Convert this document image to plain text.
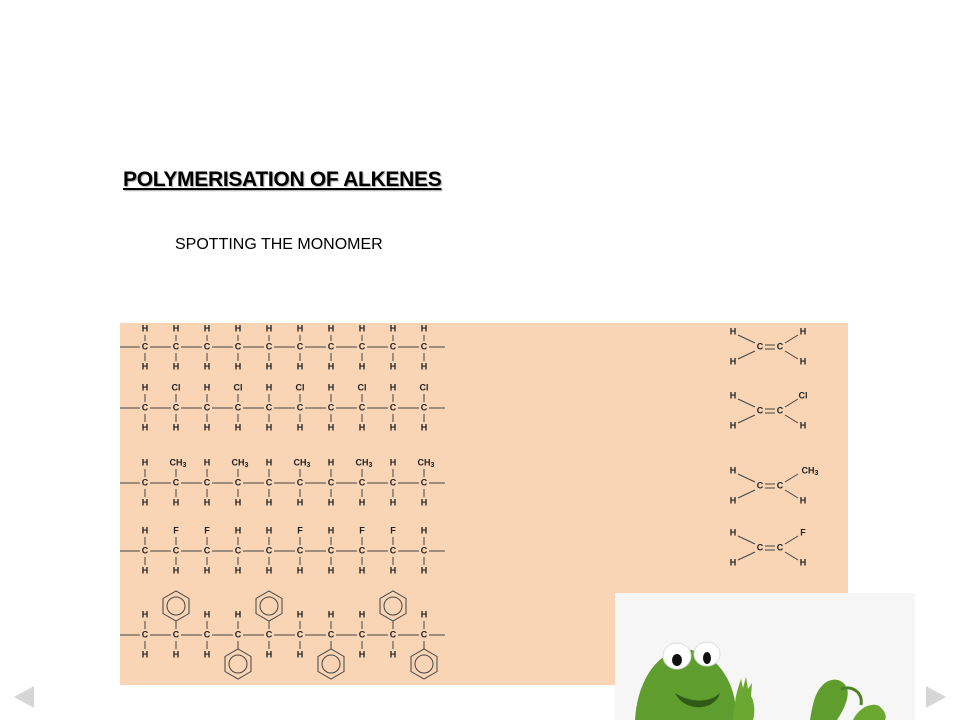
POLYMERISATION OF ALKENES
SPOTTING THE MONOMER
C
H
H
C
H
H
C
H
H
C
H
H
C
H
H
C
H
H
C
H
H
C
H
H
C
H
H
C
H
H
C
H
H
C
Cl
H
C
H
H
C
Cl
H
C
H
H
C
Cl
H
C
H
H
C
Cl
H
C
H
H
C
Cl
H
C
H
H
C
$CH_3$
H
C
H
H
C
$CH_3$
H
C
H
H
C
$CH_3$
H
C
H
H
C
$CH_3$
H
C
H
H
C
$CH_3$
H
C
H
H
C
F
H
C
F
H
C
H
H
C
H
H
C
F
H
C
H
H
C
F
H
C
F
H
C
H
H
C
H
H
C
H
C
H
H
C
H
C
H
C
H
H
C
H
C
H
H
C
H
C
H
C C
H
H
H
H
C C
H
H
Cl
H
C C
H
H
$CH_3$
H
C C
H
H
F
H
